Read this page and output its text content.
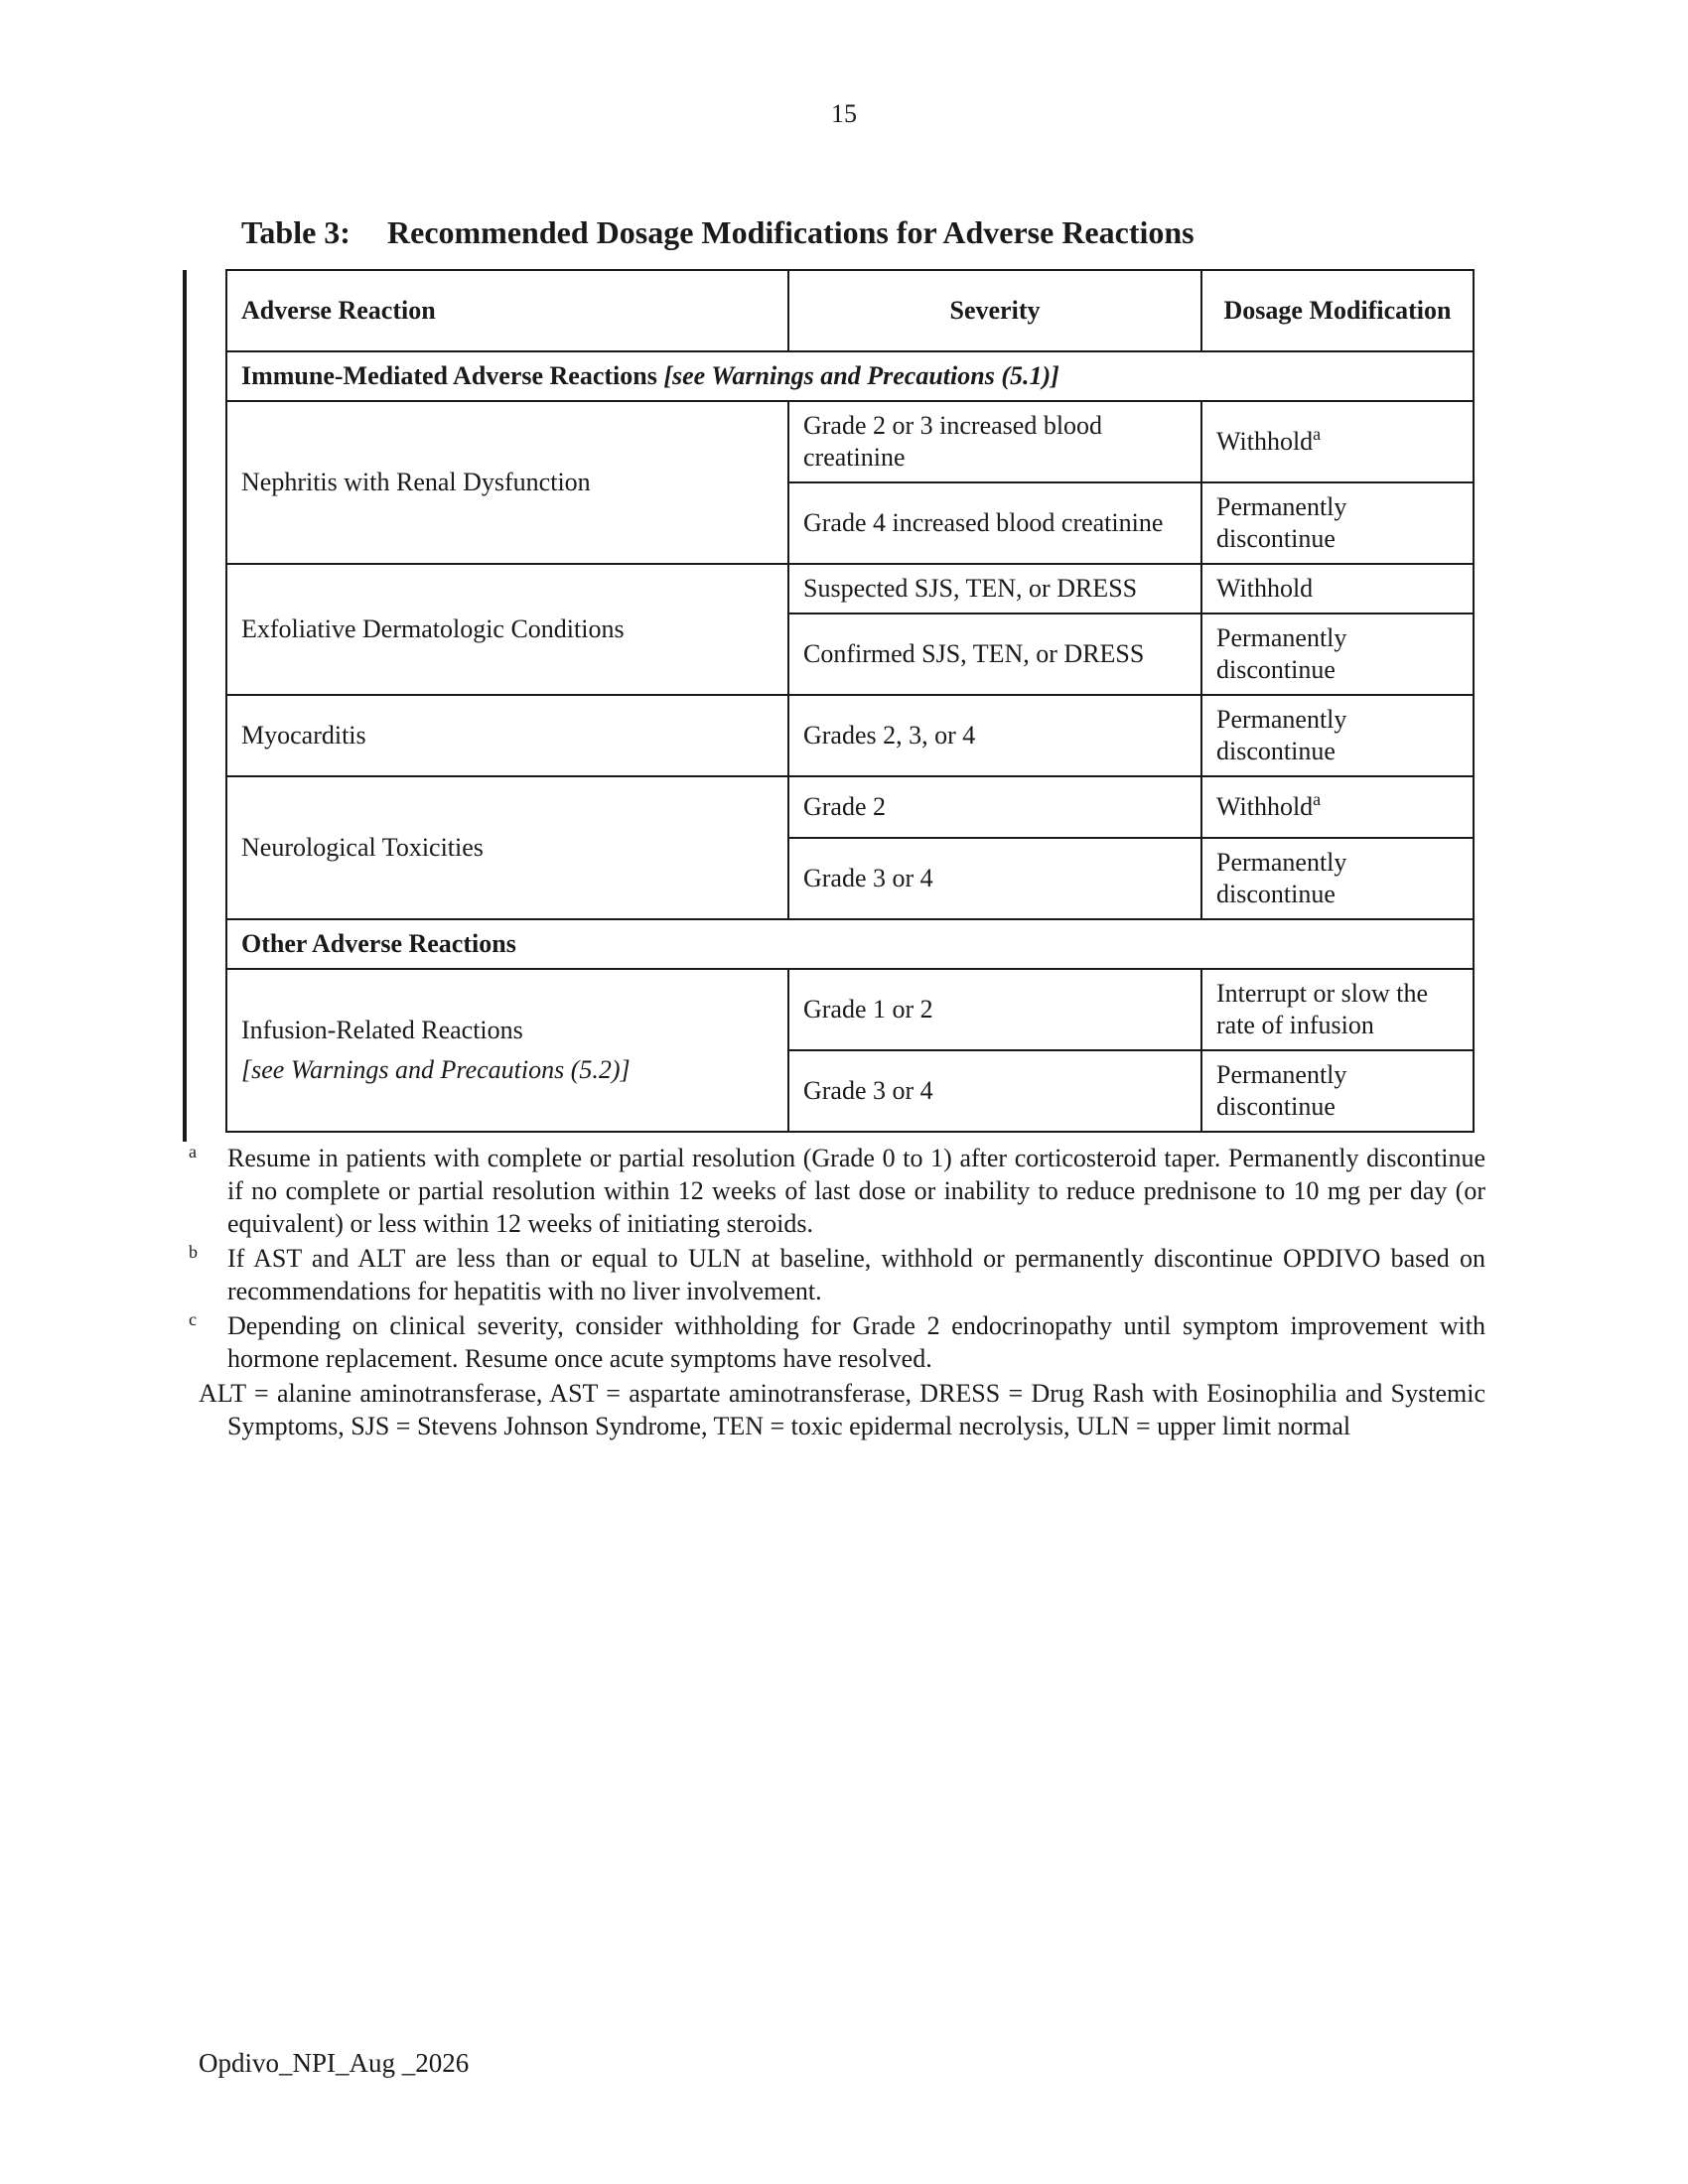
15
Table 3: Recommended Dosage Modifications for Adverse Reactions
Adverse Reaction	Severity	Dosage Modification
Immune-Mediated Adverse Reactions [see Warnings and Precautions (5.1)]		
Nephritis with Renal Dysfunction	Grade 2 or 3 increased blood creatinine	Withhold$^a$
	Grade 4 increased blood creatinine	Permanently discontinue
Exfoliative Dermatologic Conditions	Suspected SJS, TEN, or DRESS	Withhold
	Confirmed SJS, TEN, or DRESS	Permanently discontinue
Myocarditis	Grades 2, 3, or 4	Permanently discontinue
Neurological Toxicities	Grade 2	Withhold$^a$
	Grade 3 or 4	Permanently discontinue
Other Adverse Reactions		
Infusion-Related Reactions
[see Warnings and Precautions (5.2)]	Grade 1 or 2	Interrupt or slow the rate of infusion
	Grade 3 or 4	Permanently discontinue
a Resume in patients with complete or partial resolution (Grade 0 to 1) after corticosteroid taper. Permanently discontinue if no complete or partial resolution within 12 weeks of last dose or inability to reduce prednisone to 10 mg per day (or equivalent) or less within 12 weeks of initiating steroids.
b If AST and ALT are less than or equal to ULN at baseline, withhold or permanently discontinue OPDIVO based on recommendations for hepatitis with no liver involvement.
c Depending on clinical severity, consider withholding for Grade 2 endocrinopathy until symptom improvement with hormone replacement. Resume once acute symptoms have resolved.
ALT = alanine aminotransferase, AST = aspartate aminotransferase, DRESS = Drug Rash with Eosinophilia and Systemic Symptoms, SJS = Stevens Johnson Syndrome, TEN = toxic epidermal necrolysis, ULN = upper limit normal
Opdivo_NPI_Aug _2026
